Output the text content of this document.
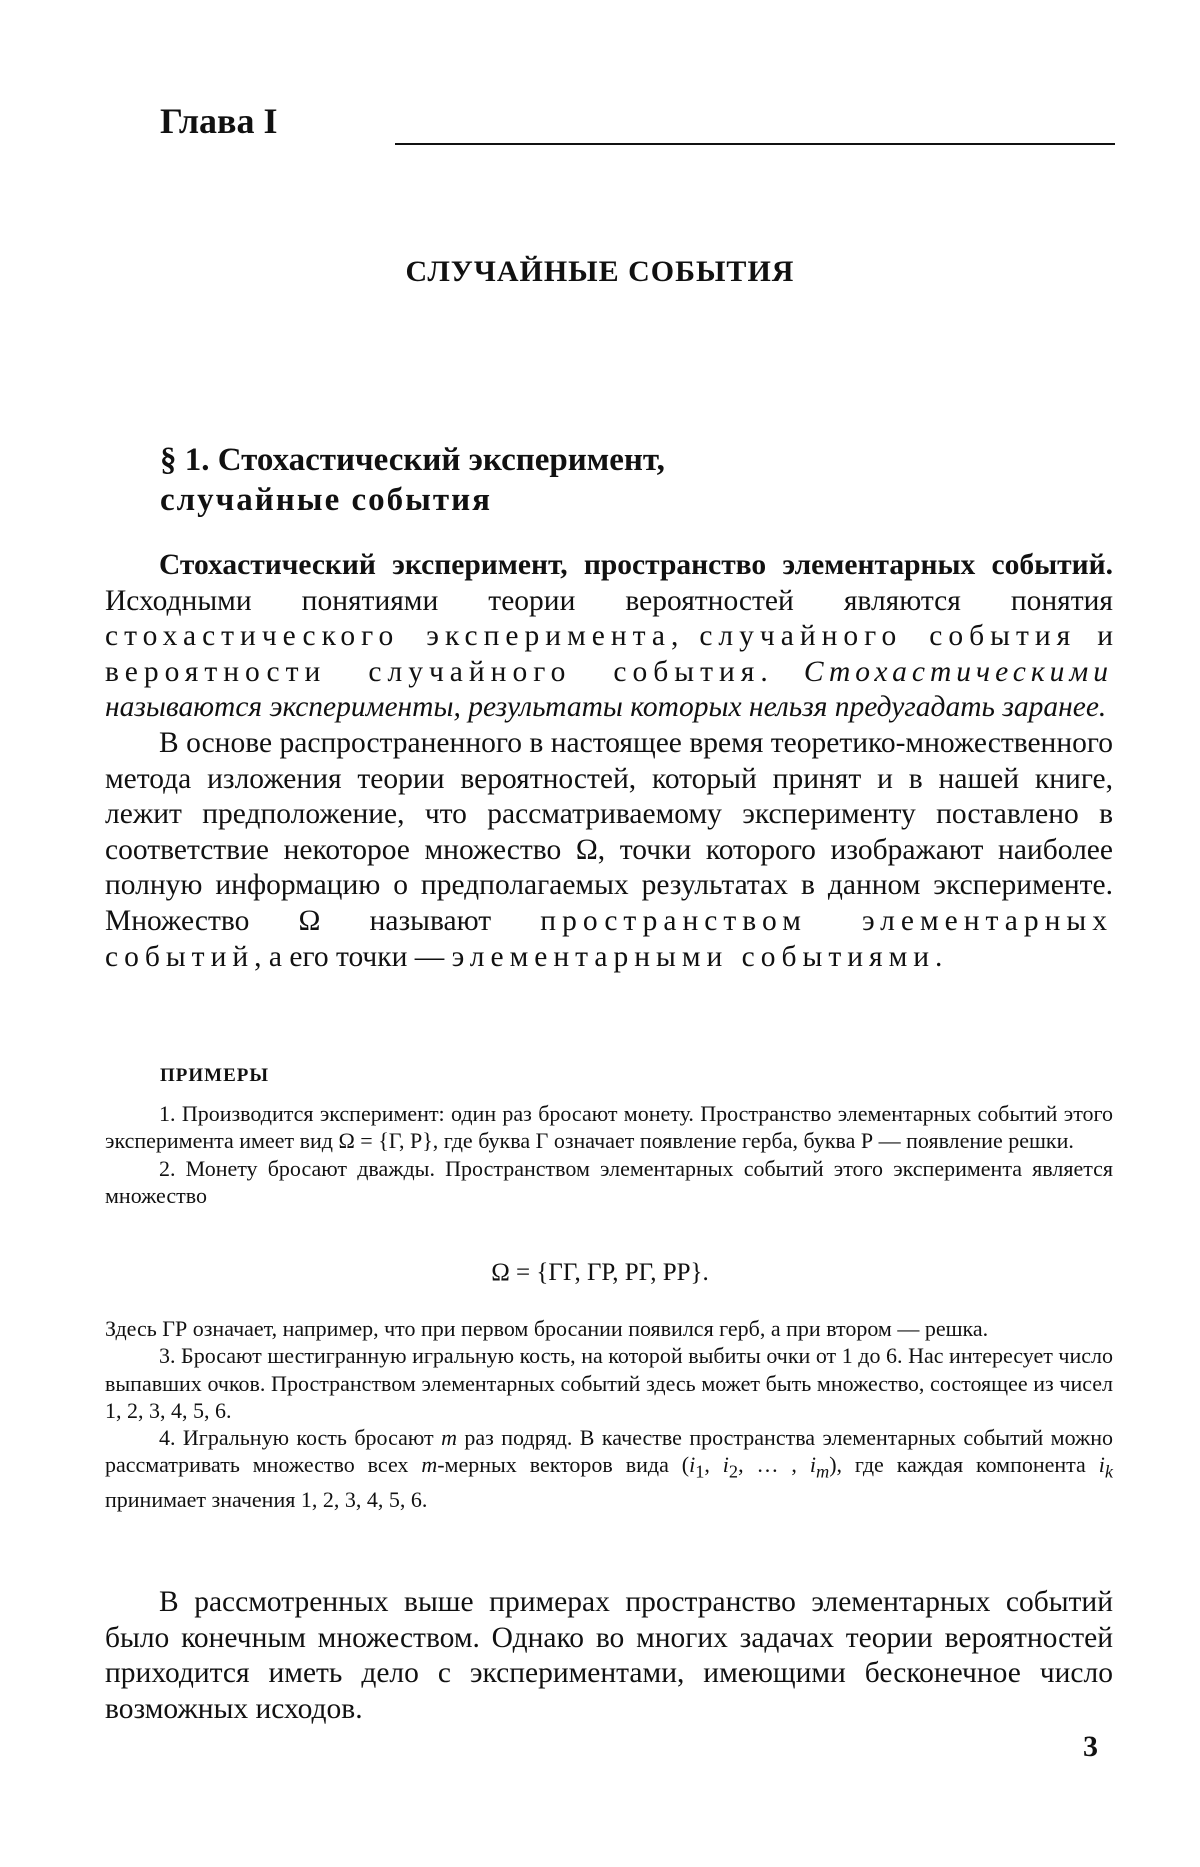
Глава I
СЛУЧАЙНЫЕ СОБЫТИЯ
§ 1. Стохастический эксперимент,
случайные события

Стохастический эксперимент, пространство элементарных событий. Исходными понятиями теории вероятностей являются понятия стохастического эксперимента, случайного события и вероятности случайного события. Стохастическими называются эксперименты, результаты которых нельзя предугадать заранее.

В основе распространенного в настоящее время теоретико-множественного метода изложения теории вероятностей, который принят и в нашей книге, лежит предположение, что рассматриваемому эксперименту поставлено в соответствие некоторое множество Ω, точки которого изображают наиболее полную информацию о предполагаемых результатах в данном эксперименте. Множество Ω называют пространством элементарных событий, а его точки — элементарными событиями.

ПРИМЕРЫ

1. Производится эксперимент: один раз бросают монету. Пространство элементарных событий этого эксперимента имеет вид Ω = {Г, Р}, где буква Г означает появление герба, буква Р — появление решки.

2. Монету бросают дважды. Пространством элементарных событий этого эксперимента является множество

Ω = {ГГ, ГР, РГ, РР}.

Здесь ГР означает, например, что при первом бросании появился герб, а при втором — решка.

3. Бросают шестигранную игральную кость, на которой выбиты очки от 1 до 6. Нас интересует число выпавших очков. Пространством элементарных событий здесь может быть множество, состоящее из чисел 1, 2, 3, 4, 5, 6.

4. Игральную кость бросают m раз подряд. В качестве пространства элементарных событий можно рассматривать множество всех m-мерных векторов вида ($i_1$, $i_2$, … , $i_m$), где каждая компонента $i_k$ принимает значения 1, 2, 3, 4, 5, 6.

В рассмотренных выше примерах пространство элементарных событий было конечным множеством. Однако во многих задачах теории вероятностей приходится иметь дело с экспериментами, имеющими бесконечное число возможных исходов.

3
